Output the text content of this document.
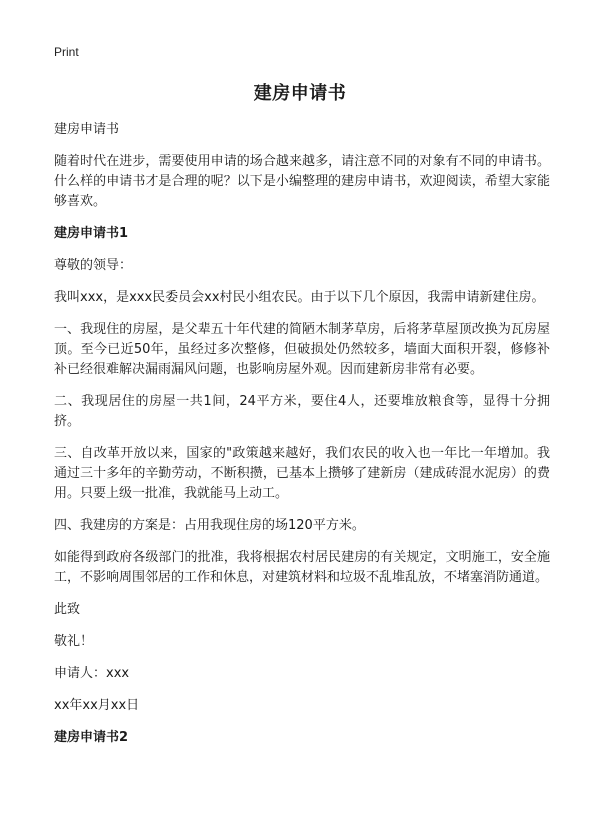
Print
建房申请书

建房申请书

随着时代在进步，需要使用申请的场合越来越多，请注意不同的对象有不同的申请书。什么样的申请书才是合理的呢？以下是小编整理的建房申请书，欢迎阅读，希望大家能够喜欢。

建房申请书1

尊敬的领导：

我叫xxx，是xxx民委员会xx村民小组农民。由于以下几个原因，我需申请新建住房。

一、我现住的房屋，是父辈五十年代建的简陋木制茅草房，后将茅草屋顶改换为瓦房屋顶。至今已近50年，虽经过多次整修，但破损处仍然较多，墙面大面积开裂，修修补补已经很难解决漏雨漏风问题，也影响房屋外观。因而建新房非常有必要。

二、我现居住的房屋一共1间，24平方米，要住4人，还要堆放粮食等，显得十分拥挤。

三、自改革开放以来，国家的"政策越来越好，我们农民的收入也一年比一年增加。我通过三十多年的辛勤劳动，不断积攒，已基本上攒够了建新房（建成砖混水泥房）的费用。只要上级一批准，我就能马上动工。

四、我建房的方案是：占用我现住房的场120平方米。

如能得到政府各级部门的批准，我将根据农村居民建房的有关规定，文明施工，安全施工，不影响周围邻居的工作和休息，对建筑材料和垃圾不乱堆乱放，不堵塞消防通道。

此致

敬礼！

申请人：xxx

xx年xx月xx日

建房申请书2
